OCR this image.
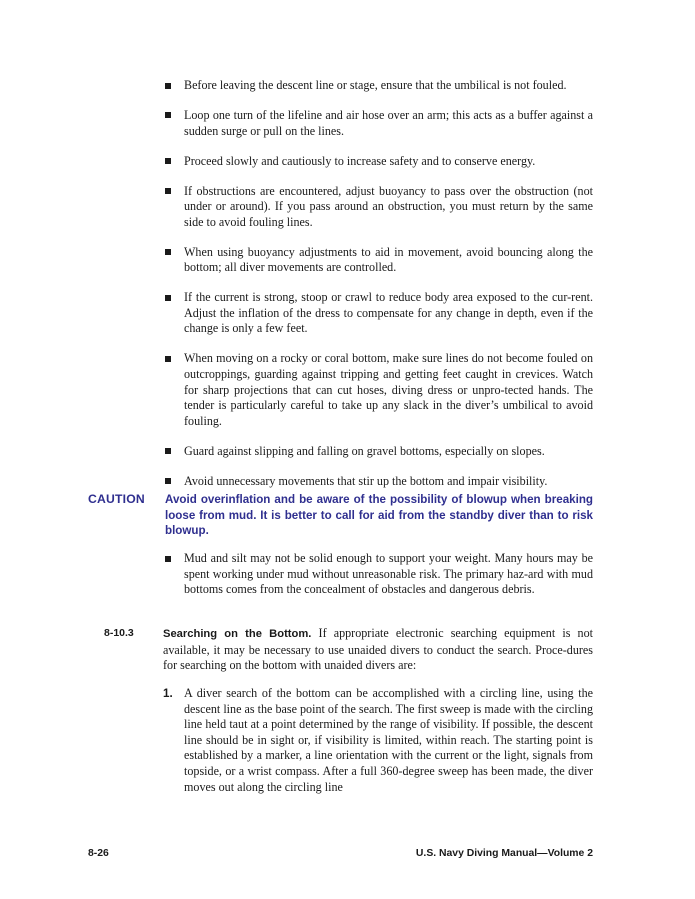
Before leaving the descent line or stage, ensure that the umbilical is not fouled.
Loop one turn of the lifeline and air hose over an arm; this acts as a buffer against a sudden surge or pull on the lines.
Proceed slowly and cautiously to increase safety and to conserve energy.
If obstructions are encountered, adjust buoyancy to pass over the obstruction (not under or around). If you pass around an obstruction, you must return by the same side to avoid fouling lines.
When using buoyancy adjustments to aid in movement, avoid bouncing along the bottom; all diver movements are controlled.
If the current is strong, stoop or crawl to reduce body area exposed to the cur-rent. Adjust the inflation of the dress to compensate for any change in depth, even if the change is only a few feet.
When moving on a rocky or coral bottom, make sure lines do not become fouled on outcroppings, guarding against tripping and getting feet caught in crevices. Watch for sharp projections that can cut hoses, diving dress or unpro-tected hands. The tender is particularly careful to take up any slack in the diver’s umbilical to avoid fouling.
Guard against slipping and falling on gravel bottoms, especially on slopes.
Avoid unnecessary movements that stir up the bottom and impair visibility.
CAUTION Avoid overinflation and be aware of the possibility of blowup when breaking loose from mud. It is better to call for aid from the standby diver than to risk blowup.
Mud and silt may not be solid enough to support your weight. Many hours may be spent working under mud without unreasonable risk. The primary haz-ard with mud bottoms comes from the concealment of obstacles and dangerous debris.
8-10.3	Searching on the Bottom. If appropriate electronic searching equipment is not available, it may be necessary to use unaided divers to conduct the search. Proce-dures for searching on the bottom with unaided divers are:
1. A diver search of the bottom can be accomplished with a circling line, using the descent line as the base point of the search. The first sweep is made with the circling line held taut at a point determined by the range of visibility. If possible, the descent line should be in sight or, if visibility is limited, within reach. The starting point is established by a marker, a line orientation with the current or the light, signals from topside, or a wrist compass. After a full 360-degree sweep has been made, the diver moves out along the circling line
8-26	U.S. Navy Diving Manual—Volume 2
